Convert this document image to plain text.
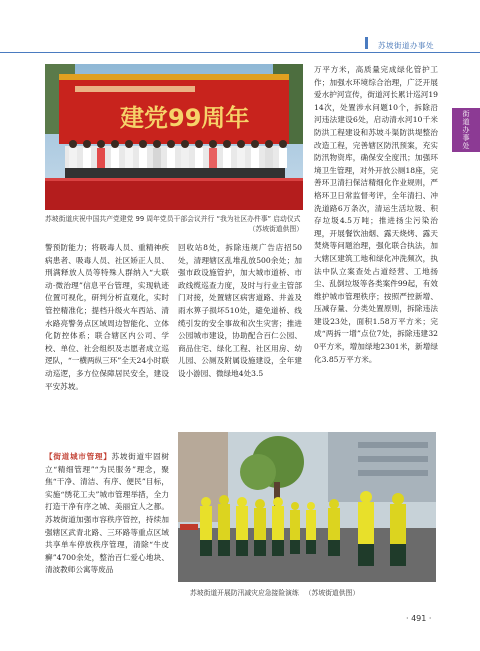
苏坡街道办事处
街道办事处
建党99周年
苏坡街道庆祝中国共产党建党 99 周年党员干部会议并行 “我为社区办件事” 启动仪式
（苏坡街道供图）
警预防能力；将吸毒人员、重精神疾病患者、吸毒人员、社区矫正人员、刑满释放人员等特殊人群纳入“大联动·微治理”信息平台管理，实现轨迹位置可视化，研判分析直观化，实时管控精准化；提档升级火车西站、清水路亮警务点区域周边智能化、立体化防控体系；联合辖区内公司、学校、单位、社会组织及志愿者成立巡逻队，“一横两纵三环”全天24小时联动巡逻，多方位保障居民安全，建设平安苏坡。
回收站8处，拆除违规广告店招50处，清理辖区乱堆乱放500余处；加强市政设施管护，加大城市道桥、市政线缆巡查力度，及时与行业主管部门对接，处置辖区病害道路、井盖及雨水箅子损坏510处，避免道桥、线缆引发的安全事故和次生灾害；推进公园城市建设，协助配合百仁公园、商品住宅、绿化工程、社区用房、幼儿园、公厕及附属设施建设，全年建设小游园、微绿地4处3.5
万平方米，高质量完成绿化管护工作；加强水环境综合治理，广泛开展爱水护河宣传，街道河长累计巡河1914次，处置涉水问题10个，拆除沿河违法建设6处，启动清水河10千米防洪工程建设和苏坡斗渠防洪堤整治改造工程，完善辖区防汛预案，充实防汛物资库，确保安全度汛；加强环境卫生管理，对外开放公厕18座，完善环卫清扫保洁精细化作业规则，严格环卫日常监督考评，全年清扫、冲洗道路6万条次，清运生活垃圾、积存垃圾4.5万吨；推进扬尘污染治理，开展餐饮油烟、露天烧烤、露天焚烧等问题治理，强化联合执法，加大辖区建筑工地和绿化冲洗频次，执法中队立案查处占道经营、工地扬尘、乱倒垃圾等各类案件99起，有效维护城市管理秩序；按照严控新增、压减存量、分类处置原则，拆除违法建设23处，面积1.58万平方米；完成“两拆一增”点位7处，拆除违建320平方米，增加绿地2301米，新增绿化3.85万平方米。
【街道城市管理】苏坡街道牢固树立“精细管理”“为民服务”理念，聚焦“干净、清洁、有序、便民”目标，实施“绣花工夫”城市管理举措，全力打造干净有序之城、美丽宜人之都。苏坡街道加强市容秩序管控，持续加强辖区武青北路、三环路等重点区域共享单车停放秩序管理，清除“牛皮癣”4700余处，整治百仁爱心地块、清波教师公寓等废品
苏坡街道开展防汛减灾应急接险演练 （苏坡街道供图）
· 491 ·
